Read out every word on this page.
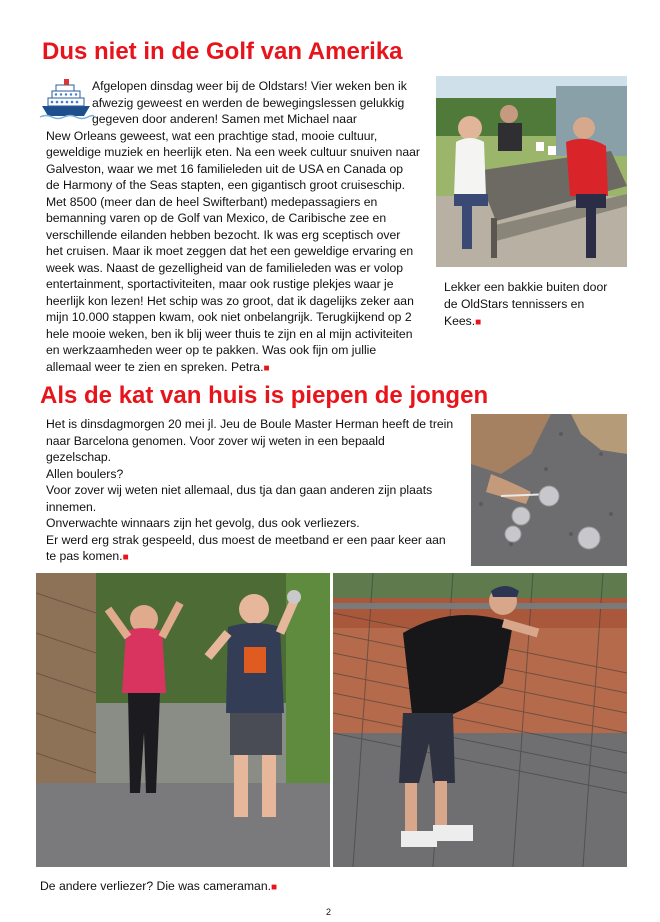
Dus niet in de Golf van Amerika
Afgelopen dinsdag weer bij de Oldstars! Vier weken ben ik
afwezig geweest en werden de bewegingslessen gelukkig
gegeven door anderen! Samen met Michael naar
New Orleans geweest, wat een prachtige stad, mooie cultuur,
geweldige muziek en heerlijk eten. Na een week cultuur snuiven naar
Galveston, waar we met 16 familieleden uit de USA en Canada op
de Harmony of the Seas stapten, een gigantisch groot cruiseschip.
Met 8500 (meer dan de heel Swifterbant) medepassagiers en
bemanning varen op de Golf van Mexico, de Caribische zee en
verschillende eilanden hebben bezocht. Ik was erg sceptisch over
het cruisen. Maar ik moet zeggen dat het een geweldige ervaring en
week was. Naast de gezelligheid van de familieleden was er volop
entertainment, sportactiviteiten, maar ook rustige plekjes waar je
heerlijk kon lezen! Het schip was zo groot, dat ik dagelijks zeker aan
mijn 10.000 stappen kwam, ook niet onbelangrijk. Terugkijkend op 2
hele mooie weken, ben ik blij weer thuis te zijn en al mijn activiteiten
en werkzaamheden weer op te pakken. Was ook fijn om jullie
allemaal weer te zien en spreken. Petra.■
Lekker een bakkie buiten door
de OldStars tennissers en
Kees.■
Als de kat van huis is piepen de jongen
Het is dinsdagmorgen 20 mei jl. Jeu de Boule Master Herman heeft de trein
naar Barcelona genomen. Voor zover wij weten in een bepaald
gezelschap.
Allen boulers?
Voor zover wij weten niet allemaal, dus tja dan gaan anderen zijn plaats
innemen.
Onverwachte winnaars zijn het gevolg, dus ook verliezers.
Er werd erg strak gespeeld, dus moest de meetband er een paar keer aan
te pas komen.■
De andere verliezer? Die was cameraman.■
2
